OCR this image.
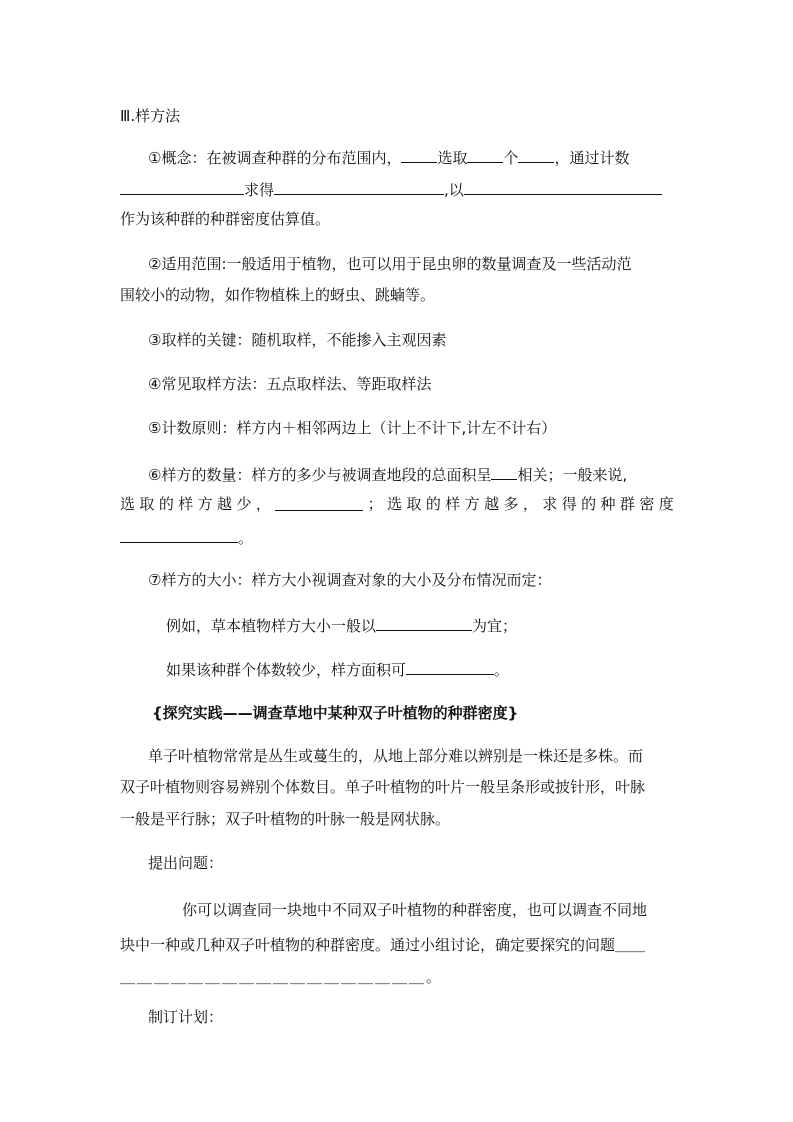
Ⅲ.样方法
①概念：在被调查种群的分布范围内， 选取 个 ，通过计数
求得	,以
作为该种群的种群密度估算值。
②适用范围:一般适用于植物，也可以用于昆虫卵的数量调查及一些活动范
围较小的动物，如作物植株上的蚜虫、跳蝻等。
③取样的关键：随机取样，不能掺入主观因素
④常见取样方法：五点取样法、等距取样法
⑤计数原则：样方内＋相邻两边上（计上不计下,计左不计右）
⑥样方的数量：样方的多少与被调查地段的总面积呈 相关；一般来说,
选 取 的 样 方 越 少 ，	； 选 取 的 样 方 越 多 ， 求 得 的 种 群 密 度
。
⑦样方的大小：样方大小视调查对象的大小及分布情况而定：
例如，草本植物样方大小一般以	为宜；
如果该种群个体数较少，样方面积可	。
{探究实践——调查草地中某种双子叶植物的种群密度}
单子叶植物常常是丛生或蔓生的，从地上部分难以辨别是一株还是多株。而
双子叶植物则容易辨别个体数目。单子叶植物的叶片一般呈条形或披针形，叶脉
一般是平行脉；双子叶植物的叶脉一般是网状脉。
提出问题：
你可以调查同一块地中不同双子叶植物的种群密度，也可以调查不同地
块中一种或几种双子叶植物的种群密度。通过小组讨论，确定要探究的问题＿＿
＿＿＿＿＿＿＿＿＿＿＿＿＿＿＿＿＿＿。
制订计划：
